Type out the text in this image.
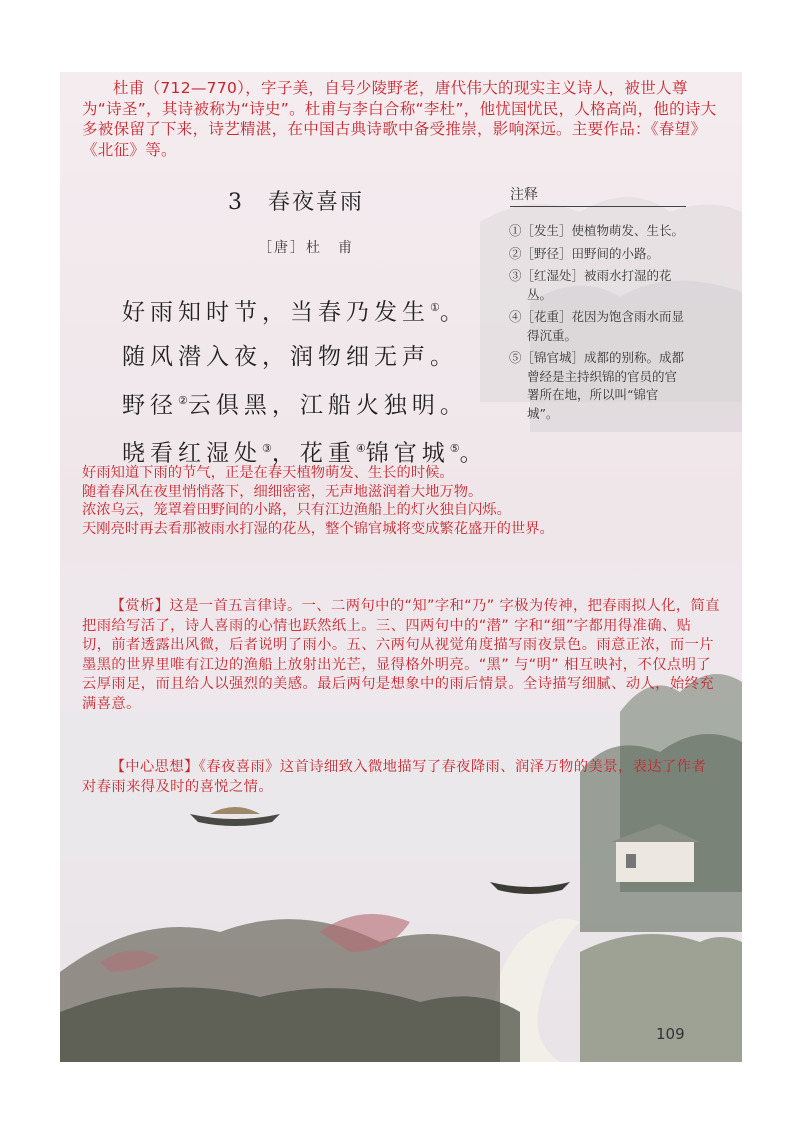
杜甫（712—770），字子美，自号少陵野老，唐代伟大的现实主义诗人，被世人尊为“诗圣”，其诗被称为“诗史”。杜甫与李白合称“李杜”，他忧国忧民，人格高尚，他的诗大多被保留了下来，诗艺精湛，在中国古典诗歌中备受推崇，影响深远。主要作品：《春望》《北征》等。
3　春夜喜雨
［唐］杜　甫
好雨知时节，当春乃发生①。
随风潜入夜，润物细无声。
野径②云俱黑，江船火独明。
晓看红湿处③，花重④锦官城⑤。
好雨知道下雨的节气，正是在春天植物萌发、生长的时候。
随着春风在夜里悄悄落下，细细密密，无声地滋润着大地万物。
浓浓乌云，笼罩着田野间的小路，只有江边渔船上的灯火独自闪烁。
天刚亮时再去看那被雨水打湿的花丛，整个锦官城将变成繁花盛开的世界。
注释
①［发生］使植物萌发、生长。
②［野径］田野间的小路。
③［红湿处］被雨水打湿的花丛。
④［花重］花因为饱含雨水而显得沉重。
⑤［锦官城］成都的别称。成都曾经是主持织锦的官员的官署所在地，所以叫“锦官城”。
【赏析】这是一首五言律诗。一、二两句中的“知”字和“乃” 字极为传神，把春雨拟人化，简直把雨给写活了，诗人喜雨的心情也跃然纸上。三、四两句中的“潜” 字和“细”字都用得准确、贴切，前者透露出风微，后者说明了雨小。五、六两句从视觉角度描写雨夜景色。雨意正浓，而一片墨黑的世界里唯有江边的渔船上放射出光芒，显得格外明亮。“黑” 与“明” 相互映衬，不仅点明了云厚雨足，而且给人以强烈的美感。最后两句是想象中的雨后情景。全诗描写细腻、动人，始终充满喜意。
【中心思想】《春夜喜雨》这首诗细致入微地描写了春夜降雨、润泽万物的美景，表达了作者对春雨来得及时的喜悦之情。
109
